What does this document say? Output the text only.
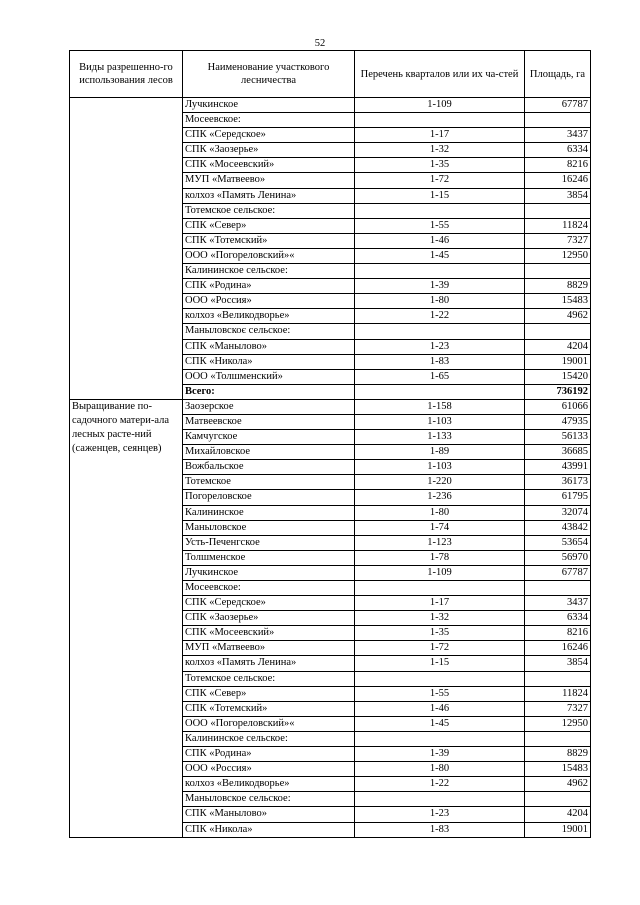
52
Виды разрешенно-го использования лесов	Наименование участкового лесничества	Перечень кварталов или их ча-стей	Площадь, га
	Лучкинское	1-109	67787
	Мосеевское:		
	СПК «Середское»	1-17	3437
	СПК «Заозерье»	1-32	6334
	СПК «Мосеевский»	1-35	8216
	МУП «Матвеево»	1-72	16246
	колхоз «Память Ленина»	1-15	3854
	Тотемское сельское:		
	СПК «Север»	1-55	11824
	СПК «Тотемский»	1-46	7327
	ООО «Погореловский»«	1-45	12950
	Калининское сельское:		
	СПК «Родина»	1-39	8829
	ООО «Россия»	1-80	15483
	колхоз «Великодворье»	1-22	4962
	Маныловскоє сельское:		
	СПК «Манылово»	1-23	4204
	СПК «Никола»	1-83	19001
	ООО «Толшменский»	1-65	15420
	Всего:		736192
Выращивание по-садочного матери-ала лесных расте-ний (саженцев, сеянцев)	Заозерское	1-158	61066
	Матвеевское	1-103	47935
	Камчугское	1-133	56133
	Михайловское	1-89	36685
	Вожбальское	1-103	43991
	Тотемское	1-220	36173
	Погореловское	1-236	61795
	Калининское	1-80	32074
	Маныловское	1-74	43842
	Усть-Печенгское	1-123	53654
	Толшменское	1-78	56970
	Лучкинское	1-109	67787
	Мосеевское:		
	СПК «Середское»	1-17	3437
	СПК «Заозерье»	1-32	6334
	СПК «Мосеевский»	1-35	8216
	МУП «Матвеево»	1-72	16246
	колхоз «Память Ленина»	1-15	3854
	Тотемское сельское:		
	СПК «Север»	1-55	11824
	СПК «Тотемский»	1-46	7327
	ООО «Погореловский»«	1-45	12950
	Калининское сельское:		
	СПК «Родина»	1-39	8829
	ООО «Россия»	1-80	15483
	колхоз «Великодворье»	1-22	4962
	Маныловское сельское:		
	СПК «Манылово»	1-23	4204
	СПК «Никола»	1-83	19001
